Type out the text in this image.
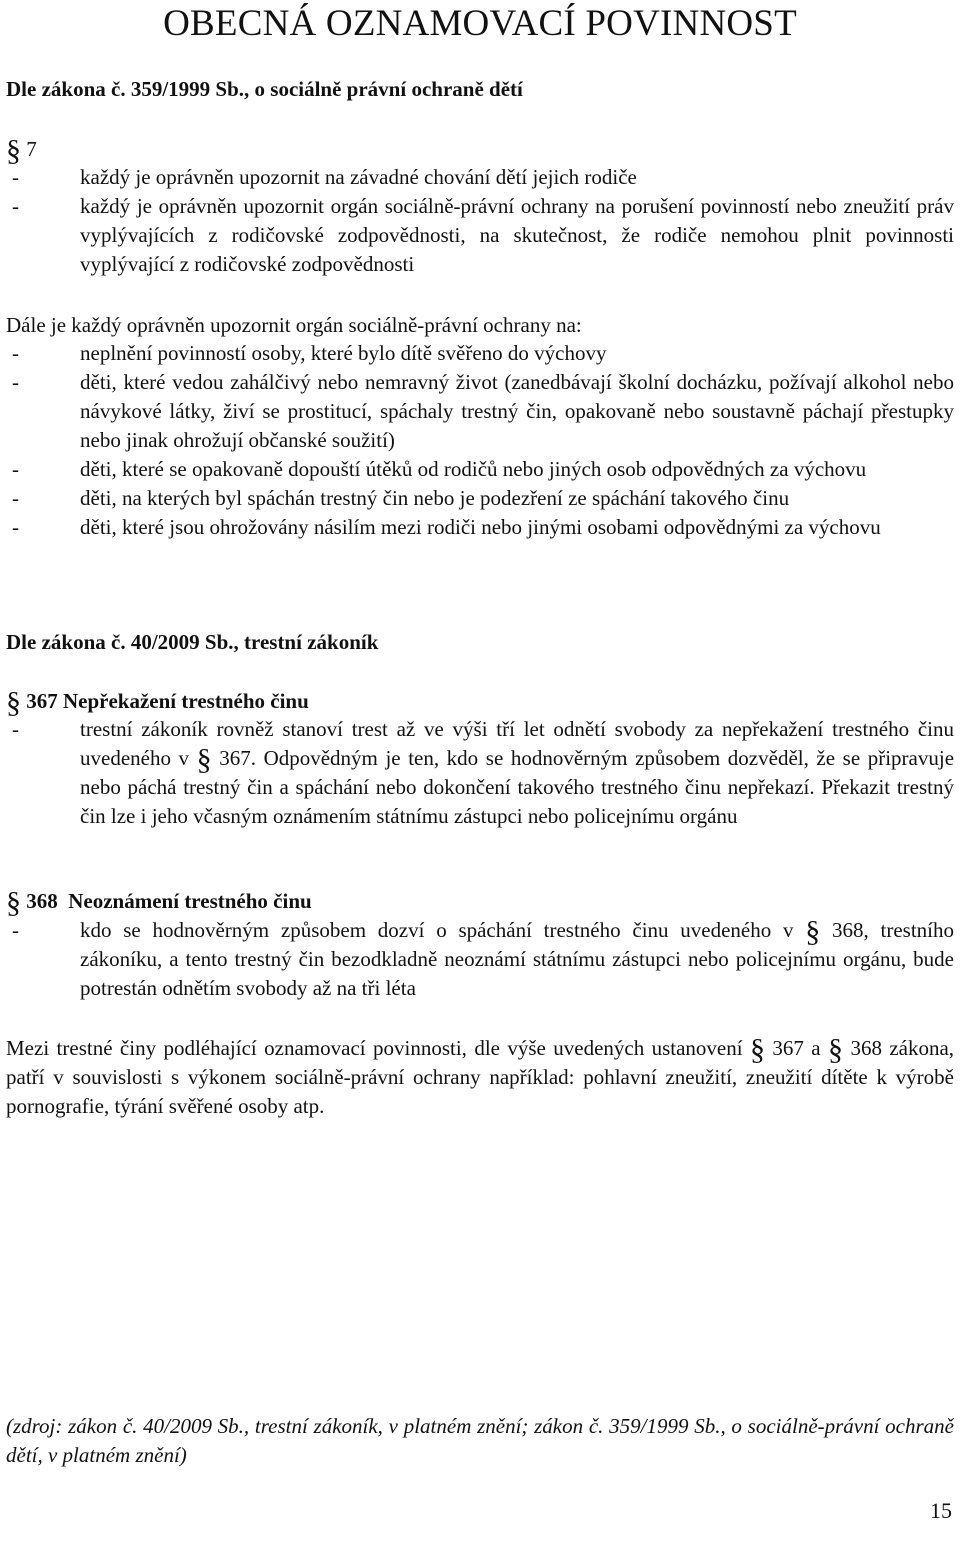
OBECNÁ OZNAMOVACÍ POVINNOST
Dle zákona č. 359/1999 Sb., o sociálně právní ochraně dětí
§ 7

-	každý je oprávněn upozornit na závadné chování dětí jejich rodiče

-	každý je oprávněn upozornit orgán sociálně-právní ochrany na porušení povinností nebo zneužití práv vyplývajících z rodičovské zodpovědnosti, na skutečnost, že rodiče nemohou plnit povinnosti vyplývající z rodičovské zodpovědnosti

Dále je každý oprávněn upozornit orgán sociálně-právní ochrany na:

-	neplnění povinností osoby, které bylo dítě svěřeno do výchovy

-	děti, které vedou zahálčivý nebo nemravný život (zanedbávají školní docházku, požívají alkohol nebo návykové látky, živí se prostitucí, spáchaly trestný čin, opakovaně nebo soustavně páchají přestupky nebo jinak ohrožují občanské soužití)

-	děti, které se opakovaně dopouští útěků od rodičů nebo jiných osob odpovědných za výchovu

-	děti, na kterých byl spáchán trestný čin nebo je podezření ze spáchání takového činu

-	děti, které jsou ohrožovány násilím mezi rodiči nebo jinými osobami odpovědnými za výchovu

Dle zákona č. 40/2009 Sb., trestní zákoník
§ 367 Nepřekažení trestného činu

-	trestní zákoník rovněž stanoví trest až ve výši tří let odnětí svobody za nepřekažení trestného činu uvedeného v § 367. Odpovědným je ten, kdo se hodnověrným způsobem dozvěděl, že se připravuje nebo páchá trestný čin a spáchání nebo dokončení takového trestného činu nepřekazí. Překazit trestný čin lze i jeho včasným oznámením státnímu zástupci nebo policejnímu orgánu

§ 368  Neoznámení trestného činu

-	kdo se hodnověrným způsobem dozví o spáchání trestného činu uvedeného v § 368, trestního zákoníku, a tento trestný čin bezodkladně neoznámí státnímu zástupci nebo policejnímu orgánu, bude potrestán odnětím svobody až na tři léta

Mezi trestné činy podléhající oznamovací povinnosti, dle výše uvedených ustanovení § 367 a § 368 zákona, patří v souvislosti s výkonem sociálně-právní ochrany například: pohlavní zneužití, zneužití dítěte k výrobě pornografie, týrání svěřené osoby atp.

(zdroj: zákon č. 40/2009 Sb., trestní zákoník, v platném znění; zákon č. 359/1999 Sb., o sociálně-právní ochraně dětí, v platném znění)

15
